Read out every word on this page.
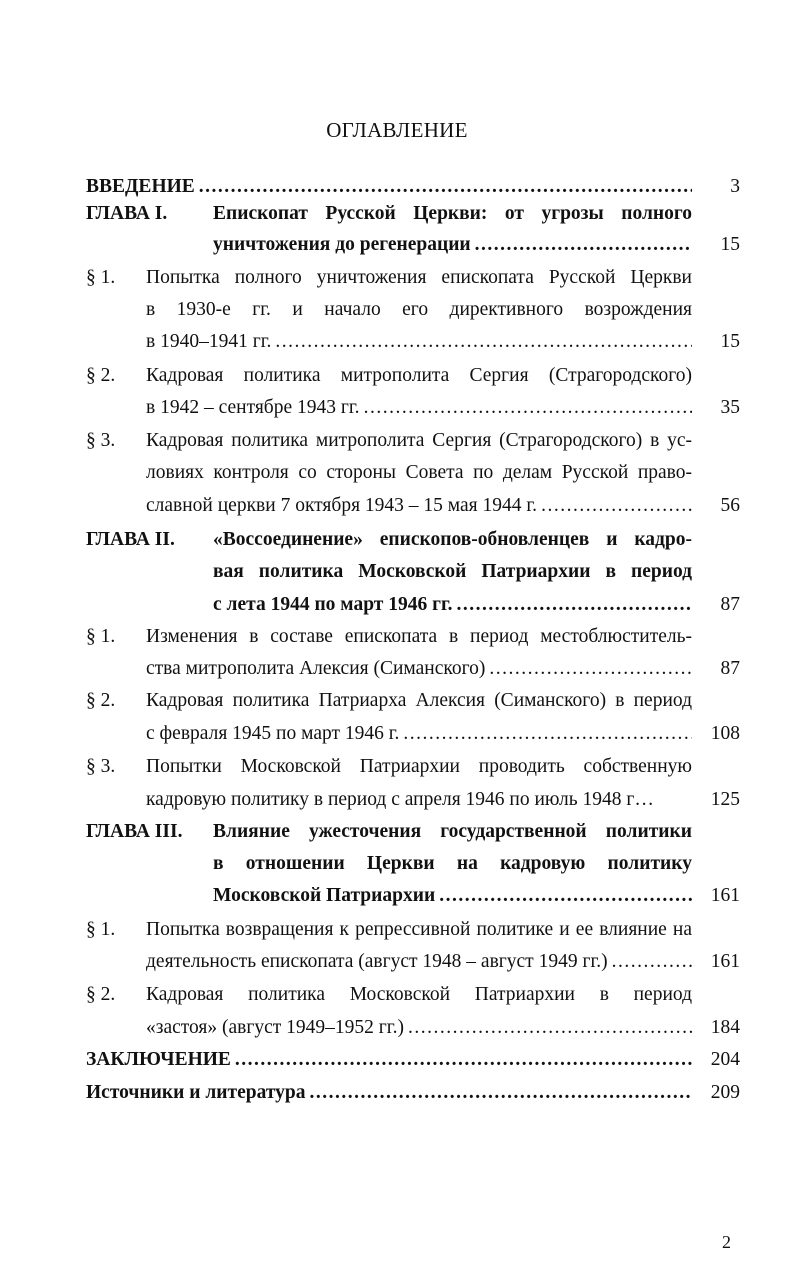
ОГЛАВЛЕНИЕ
ВВЕДЕНИЕ .....	3
ГЛАВА I. Епископат Русской Церкви: от угрозы полного
уничтожения до регенерации .....	15
§ 1. Попытка полного уничтожения епископата Русской Церкви
в 1930-е гг. и начало его директивного возрождения
в 1940–1941 гг. .....	15
§ 2. Кадровая политика митрополита Сергия (Страгородского)
в 1942 – сентябре 1943 гг. .....	35
§ 3. Кадровая политика митрополита Сергия (Страгородского) в ус-
ловиях контроля со стороны Совета по делам Русской право-
славной церкви 7 октября 1943 – 15 мая 1944 г. .....	56
ГЛАВА II. «Воссоединение» епископов-обновленцев и кадро-
вая политика Московской Патриархии в период
с лета 1944 по март 1946 гг. .....	87
§ 1. Изменения в составе епископата в период местоблюститель-
ства митрополита Алексия (Симанского) .....	87
§ 2. Кадровая политика Патриарха Алексия (Симанского) в период
с февраля 1945 по март 1946 г. .....	108
§ 3. Попытки Московской Патриархии проводить собственную
кадровую политику в период с апреля 1946 по июль 1948 г…	125
ГЛАВА III. Влияние ужесточения государственной политики
в отношении Церкви на кадровую политику
Московской Патриархии .....	161
§ 1. Попытка возвращения к репрессивной политике и ее влияние на
деятельность епископата (август 1948 – август 1949 гг.) .....	161
§ 2. Кадровая политика Московской Патриархии в период
«застоя» (август 1949–1952 гг.) .....	184
ЗАКЛЮЧЕНИЕ .....	204
Источники и литература .....	209
2
